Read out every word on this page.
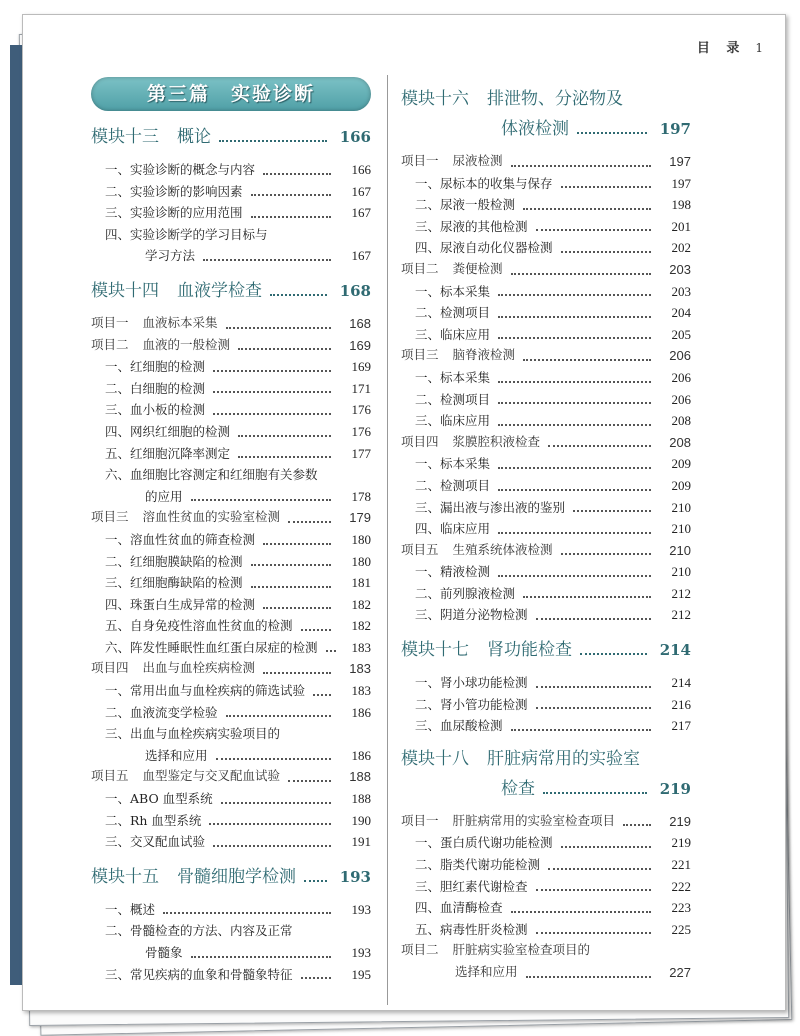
目 录 1
第三篇　实验诊断
模块十三 概论	166
一、实验诊断的概念与内容	166
二、实验诊断的影响因素	167
三、实验诊断的应用范围	167
四、实验诊断学的学习目标与
学习方法	167
模块十四 血液学检查	168
项目一 血液标本采集	168
项目二 血液的一般检测	169
一、红细胞的检测	169
二、白细胞的检测	171
三、血小板的检测	176
四、网织红细胞的检测	176
五、红细胞沉降率测定	177
六、血细胞比容测定和红细胞有关参数
的应用	178
项目三 溶血性贫血的实验室检测	179
一、溶血性贫血的筛查检测	180
二、红细胞膜缺陷的检测	180
三、红细胞酶缺陷的检测	181
四、珠蛋白生成异常的检测	182
五、自身免疫性溶血性贫血的检测	182
六、阵发性睡眠性血红蛋白尿症的检测	183
项目四 出血与血栓疾病检测	183
一、常用出血与血栓疾病的筛选试验	183
二、血液流变学检验	186
三、出血与血栓疾病实验项目的
选择和应用	186
项目五 血型鉴定与交叉配血试验	188
一、ABO 血型系统	188
二、Rh 血型系统	190
三、交叉配血试验	191
模块十五 骨髓细胞学检测	193
一、概述	193
二、骨髓检查的方法、内容及正常
骨髓象	193
三、常见疾病的血象和骨髓象特征	195
模块十六 排泄物、分泌物及
体液检测	197
项目一 尿液检测	197
一、尿标本的收集与保存	197
二、尿液一般检测	198
三、尿液的其他检测	201
四、尿液自动化仪器检测	202
项目二 粪便检测	203
一、标本采集	203
二、检测项目	204
三、临床应用	205
项目三 脑脊液检测	206
一、标本采集	206
二、检测项目	206
三、临床应用	208
项目四 浆膜腔积液检查	208
一、标本采集	209
二、检测项目	209
三、漏出液与渗出液的鉴别	210
四、临床应用	210
项目五 生殖系统体液检测	210
一、精液检测	210
二、前列腺液检测	212
三、阴道分泌物检测	212
模块十七 肾功能检查	214
一、肾小球功能检测	214
二、肾小管功能检测	216
三、血尿酸检测	217
模块十八 肝脏病常用的实验室
检查	219
项目一 肝脏病常用的实验室检查项目	219
一、蛋白质代谢功能检测	219
二、脂类代谢功能检测	221
三、胆红素代谢检查	222
四、血清酶检查	223
五、病毒性肝炎检测	225
项目二 肝脏病实验室检查项目的
选择和应用	227
